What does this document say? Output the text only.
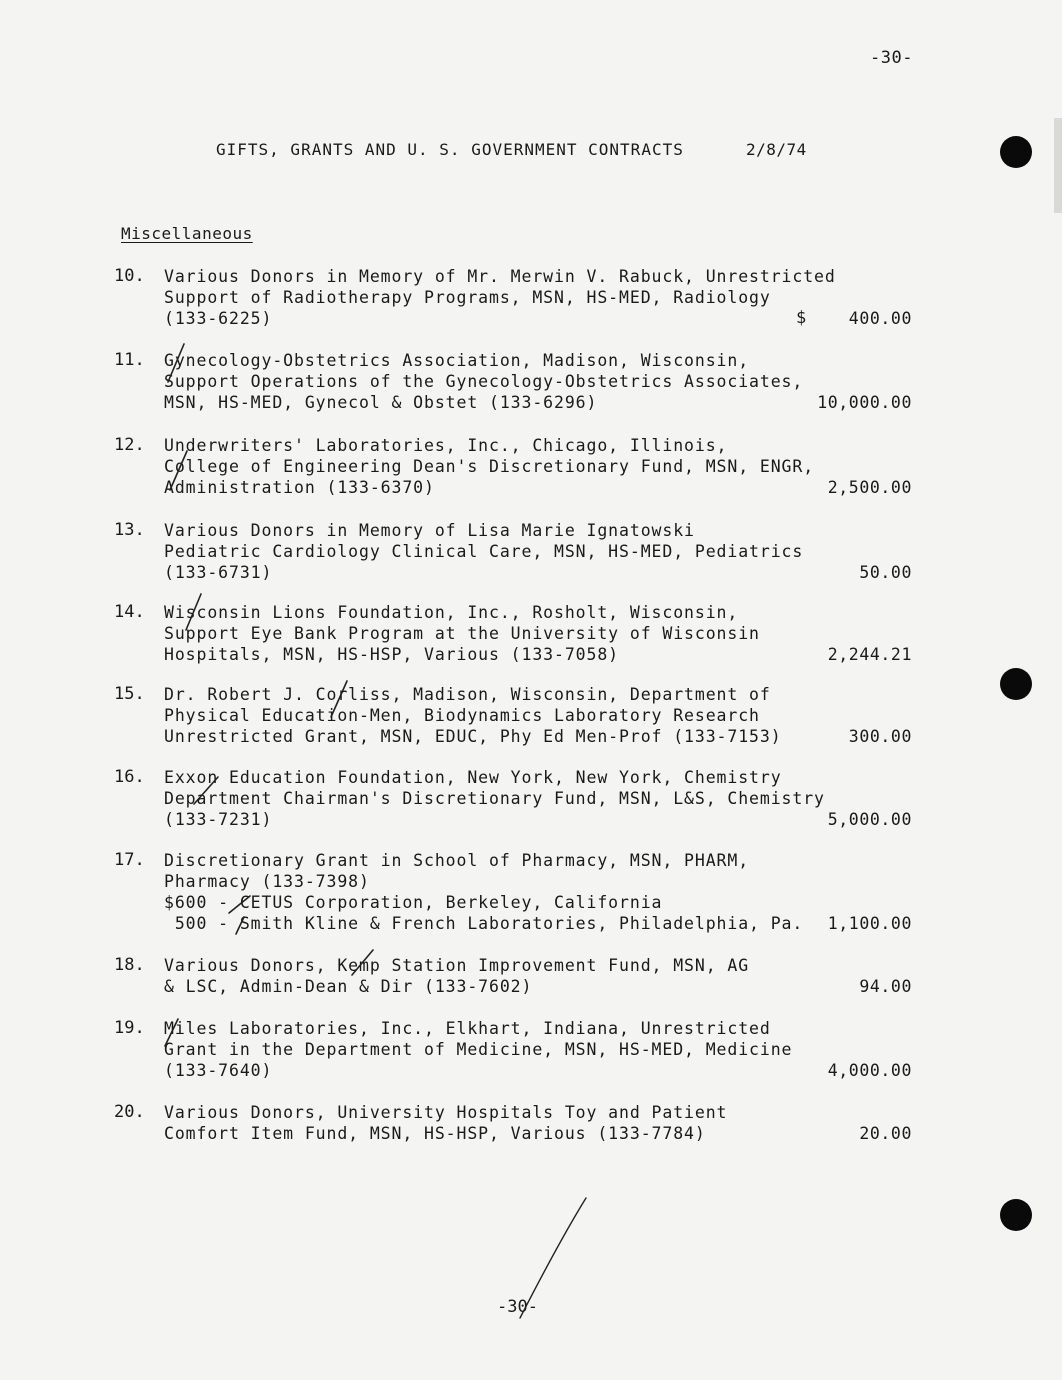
-30-
GIFTS, GRANTS AND U. S. GOVERNMENT CONTRACTS	2/8/74
Miscellaneous
10. Various Donors in Memory of Mr. Merwin V. Rabuck, Unrestricted
Support of Radiotherapy Programs, MSN, HS-MED, Radiology
(133-6225)	$	400.00
11. Gynecology-Obstetrics Association, Madison, Wisconsin,
Support Operations of the Gynecology-Obstetrics Associates,
MSN, HS-MED, Gynecol & Obstet (133-6296)	10,000.00
12. Underwriters' Laboratories, Inc., Chicago, Illinois,
College of Engineering Dean's Discretionary Fund, MSN, ENGR,
Administration (133-6370)	2,500.00
13. Various Donors in Memory of Lisa Marie Ignatowski
Pediatric Cardiology Clinical Care, MSN, HS-MED, Pediatrics
(133-6731)	50.00
14. Wisconsin Lions Foundation, Inc., Rosholt, Wisconsin,
Support Eye Bank Program at the University of Wisconsin
Hospitals, MSN, HS-HSP, Various (133-7058)	2,244.21
15. Dr. Robert J. Corliss, Madison, Wisconsin, Department of
Physical Education-Men, Biodynamics Laboratory Research
Unrestricted Grant, MSN, EDUC, Phy Ed Men-Prof (133-7153)	300.00
16. Exxon Education Foundation, New York, New York, Chemistry
Department Chairman's Discretionary Fund, MSN, L&S, Chemistry
(133-7231)	5,000.00
17. Discretionary Grant in School of Pharmacy, MSN, PHARM,
Pharmacy (133-7398)
$600 - CETUS Corporation, Berkeley, California
500 - Smith Kline & French Laboratories, Philadelphia, Pa. 1,100.00
18. Various Donors, Kemp Station Improvement Fund, MSN, AG
& LSC, Admin-Dean & Dir (133-7602)	94.00
19. Miles Laboratories, Inc., Elkhart, Indiana, Unrestricted
Grant in the Department of Medicine, MSN, HS-MED, Medicine
(133-7640)	4,000.00
20. Various Donors, University Hospitals Toy and Patient
Comfort Item Fund, MSN, HS-HSP, Various (133-7784)	20.00
-30-
